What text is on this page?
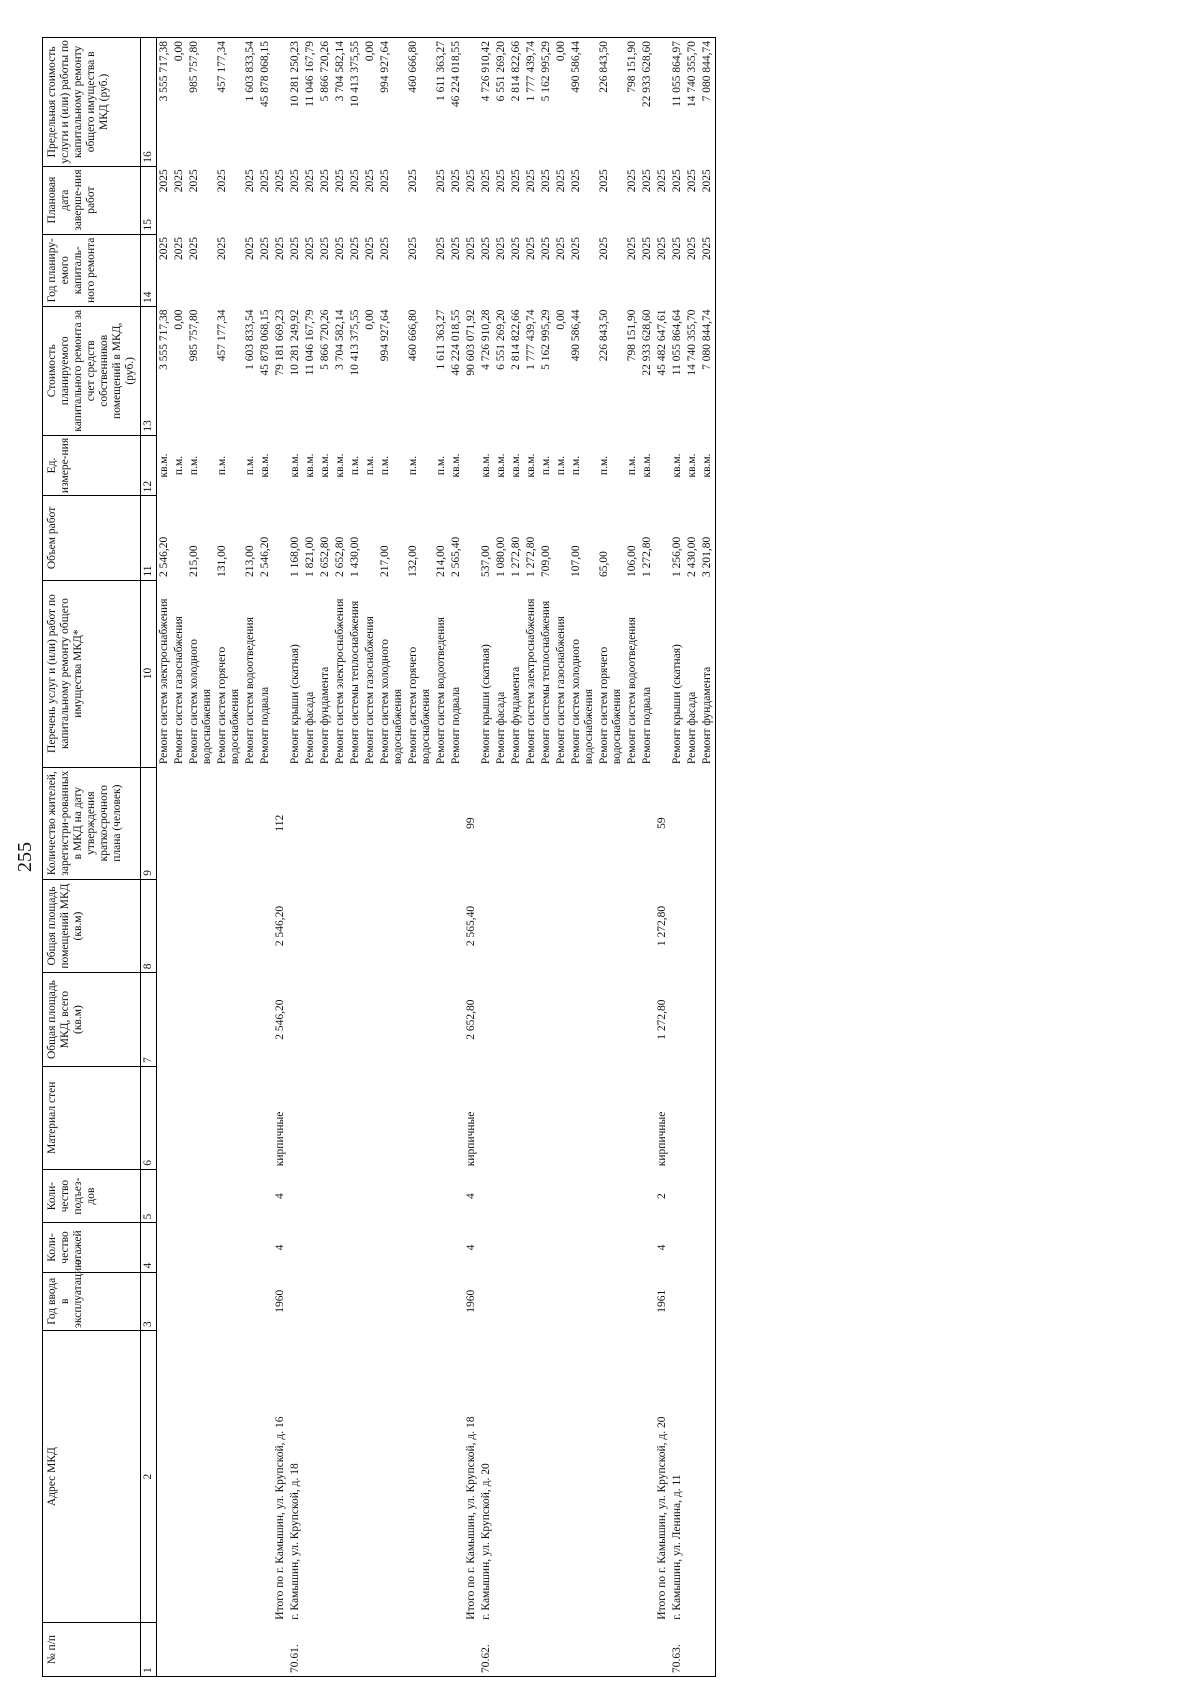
255
№ п/п	Адрес МКД	Год ввода в эксплуатацию	Коли-чество этажей	Коли-чество подъез-дов	Материал стен	Общая площадь МКД, всего (кв.м)	Общая площадь помещений МКД (кв.м)	Количество жителей, зарегистри-рованных в МКД на дату утверждения краткосрочного плана (человек)	Перечень услуг и (или) работ по капитальному ремонту общего имущества МКД*	Объем работ	Ед. измере-ния	Стоимость планируемого капитального ремонта за счет средств собственников помещений в МКД, (руб.)	Год планиру-емого капиталь-ного ремонта	Плановая дата заверше-ния работ	Предельная стоимость услуги и (или) работы по капитальному ремонту общего имущества в МКД (руб.)
1	2	3	4	5	6	7	8	9	10	11	12	13	14	15	16

									Ремонт систем электроснабжения	2 546,20	кв.м.	3 555 717,38	2025	2025	3 555 717,38

									Ремонт систем газоснабжения		п.м.	0,00	2025	2025	0,00

									Ремонт систем холодного водоснабжения	215,00	п.м.	985 757,80	2025	2025	985 757,80

									Ремонт систем горячего водоснабжения	131,00	п.м.	457 177,34	2025	2025	457 177,34

									Ремонт систем водоотведения	213,00	п.м.	1 603 833,54	2025	2025	1 603 833,54

									Ремонт подвала	2 546,20	кв.м.	45 878 068,15	2025	2025	45 878 068,15

	Итого по г. Камышин, ул. Крупской, д. 16	1960	4	4	кирпичные	2 546,20	2 546,20	112				79 181 669,23	2025	2025	

70.61.	г. Камышин, ул. Крупской, д. 18								Ремонт крыши (скатная)	1 168,00	кв.м.	10 281 249,92	2025	2025	10 281 250,23

									Ремонт фасада	1 821,00	кв.м.	11 046 167,79	2025	2025	11 046 167,79

									Ремонт фундамента	2 652,80	кв.м.	5 866 720,26	2025	2025	5 866 720,26

									Ремонт систем электроснабжения	2 652,80	кв.м.	3 704 582,14	2025	2025	3 704 582,14

									Ремонт системы теплоснабжения	1 430,00	п.м.	10 413 375,55	2025	2025	10 413 375,55

									Ремонт систем газоснабжения		п.м.	0,00	2025	2025	0,00

									Ремонт систем холодного водоснабжения	217,00	п.м.	994 927,64	2025	2025	994 927,64

									Ремонт систем горячего водоснабжения	132,00	п.м.	460 666,80	2025	2025	460 666,80

									Ремонт систем водоотведения	214,00	п.м.	1 611 363,27	2025	2025	1 611 363,27

									Ремонт подвала	2 565,40	кв.м.	46 224 018,55	2025	2025	46 224 018,55

	Итого по г. Камышин, ул. Крупской, д. 18	1960	4	4	кирпичные	2 652,80	2 565,40	99				90 603 071,92	2025	2025	

70.62.	г. Камышин, ул. Крупской, д. 20								Ремонт крыши (скатная)	537,00	кв.м.	4 726 910,28	2025	2025	4 726 910,42

									Ремонт фасада	1 080,00	кв.м.	6 551 269,20	2025	2025	6 551 269,20

									Ремонт фундамента	1 272,80	кв.м.	2 814 822,66	2025	2025	2 814 822,66

									Ремонт систем электроснабжения	1 272,80	кв.м.	1 777 439,74	2025	2025	1 777 439,74

									Ремонт системы теплоснабжения	709,00	п.м.	5 162 995,29	2025	2025	5 162 995,29

									Ремонт систем газоснабжения		п.м.	0,00	2025	2025	0,00

									Ремонт систем холодного водоснабжения	107,00	п.м.	490 586,44	2025	2025	490 586,44

									Ремонт систем горячего водоснабжения	65,00	п.м.	226 843,50	2025	2025	226 843,50

									Ремонт систем водоотведения	106,00	п.м.	798 151,90	2025	2025	798 151,90

									Ремонт подвала	1 272,80	кв.м.	22 933 628,60	2025	2025	22 933 628,60

	Итого по г. Камышин, ул. Крупской, д. 20	1961	4	2	кирпичные	1 272,80	1 272,80	59				45 482 647,61	2025	2025	

70.63.	г. Камышин, ул. Ленина, д. 11								Ремонт крыши (скатная)	1 256,00	кв.м.	11 055 864,64	2025	2025	11 055 864,97

									Ремонт фасада	2 430,00	кв.м.	14 740 355,70	2025	2025	14 740 355,70

									Ремонт фундамента	3 201,80	кв.м.	7 080 844,74	2025	2025	7 080 844,74
